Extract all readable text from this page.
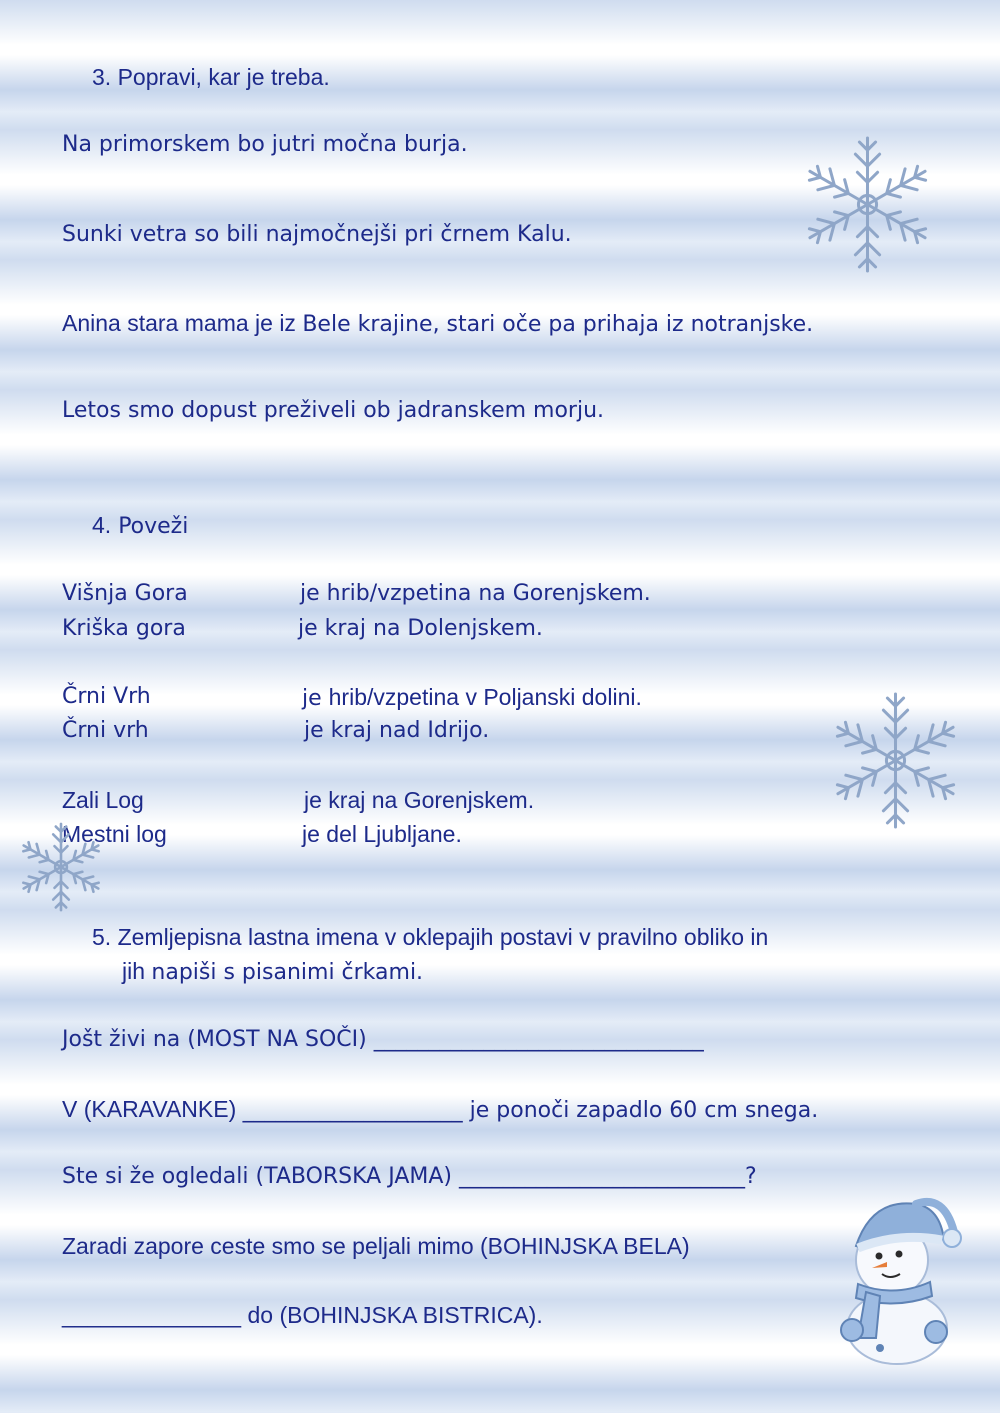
3. Popravi, kar je treba.
Na primorskem bo jutri močna burja.
Sunki vetra so bili najmočnejši pri črnem Kalu.
Anina stara mama je iz Bele krajine, stari oče pa prihaja iz notranjske.
Letos smo dopust preživeli ob jadranskem morju.
4. Poveži
Višnja Gora	je hrib/vzpetina na Gorenjskem.
Kriška gora	je kraj na Dolenjskem.
Črni Vrh	je hrib/vzpetina v Poljanski dolini.
Črni vrh	je kraj nad Idrijo.
Zali Log	je kraj na Gorenjskem.
Mestni log	je del Ljubljane.
5. Zemljepisna lastna imena v oklepajih postavi v pravilno obliko in
jih napiši s pisanimi črkami.
Jošt živi na (MOST NA SOČI) ______________________________
V (KARAVANKE) ____________________ je ponoči zapadlo 60 cm snega.
Ste si že ogledali (TABORSKA JAMA) __________________________?
Zaradi zapore ceste smo se peljali mimo (BOHINJSKA BELA)
______________ do (BOHINJSKA BISTRICA).
